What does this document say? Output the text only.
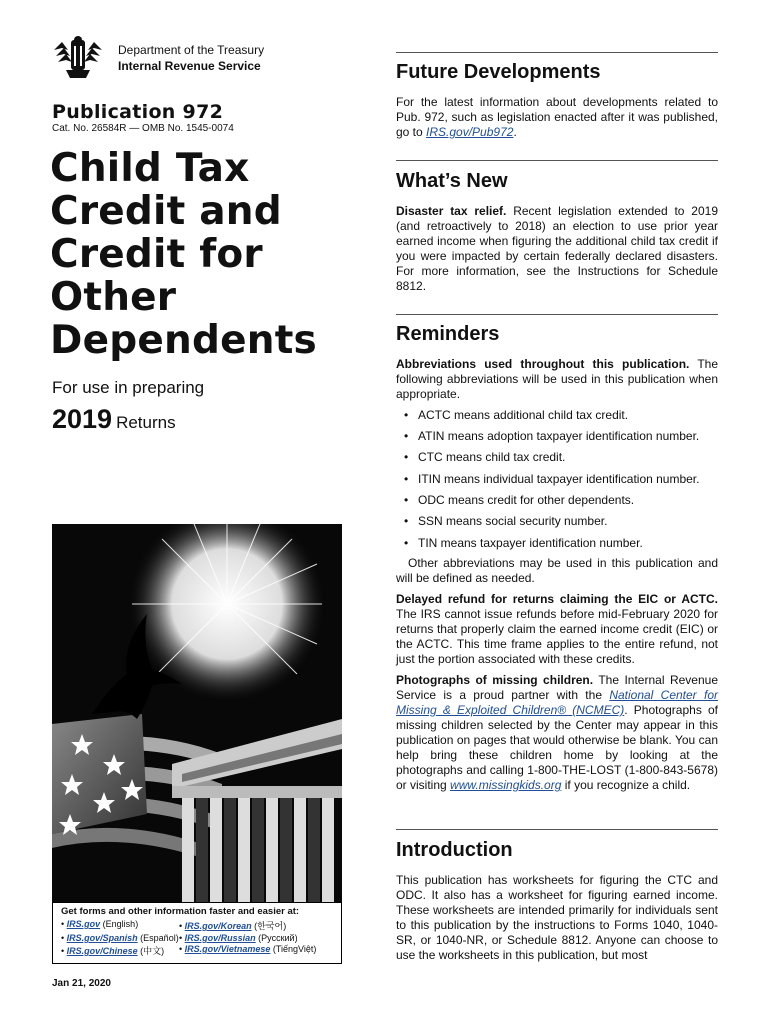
Department of the Treasury
Internal Revenue Service
Publication 972
Cat. No. 26584R — OMB No. 1545-0074
Child Tax
Credit and
Credit for
Other
Dependents
For use in preparing
2019 Returns
Get forms and other information faster and easier at:
• IRS.gov (English)	• IRS.gov/Korean (한국어)
• IRS.gov/Spanish (Español) • IRS.gov/Russian (Русский)
• IRS.gov/Chinese (中文)	• IRS.gov/Vietnamese (TiếngViệt)
Jan 21, 2020
Future Developments

For the latest information about developments related to Pub. 972, such as legislation enacted after it was published, go to IRS.gov/Pub972.

What’s New

Disaster tax relief. Recent legislation extended to 2019 (and retroactively to 2018) an election to use prior year earned income when figuring the additional child tax credit if you were impacted by certain federally declared disasters. For more information, see the Instructions for Schedule 8812.

Reminders

Abbreviations used throughout this publication. The following abbreviations will be used in this publication when appropriate.

• ACTC means additional child tax credit.
• ATIN means adoption taxpayer identification number.
• CTC means child tax credit.
• ITIN means individual taxpayer identification number.
• ODC means credit for other dependents.
• SSN means social security number.
• TIN means taxpayer identification number.

Other abbreviations may be used in this publication and will be defined as needed.

Delayed refund for returns claiming the EIC or ACTC. The IRS cannot issue refunds before mid-February 2020 for returns that properly claim the earned income credit (EIC) or the ACTC. This time frame applies to the entire refund, not just the portion associated with these credits.

Photographs of missing children. The Internal Revenue Service is a proud partner with the National Center for Missing & Exploited Children® (NCMEC). Photographs of missing children selected by the Center may appear in this publication on pages that would otherwise be blank. You can help bring these children home by looking at the photographs and calling 1-800-THE-LOST (1-800-843-5678) or visiting www.missingkids.org if you recognize a child.

Introduction

This publication has worksheets for figuring the CTC and ODC. It also has a worksheet for figuring earned income. These worksheets are intended primarily for individuals sent to this publication by the instructions to Forms 1040, 1040-SR, or 1040-NR, or Schedule 8812. Anyone can choose to use the worksheets in this publication, but most
